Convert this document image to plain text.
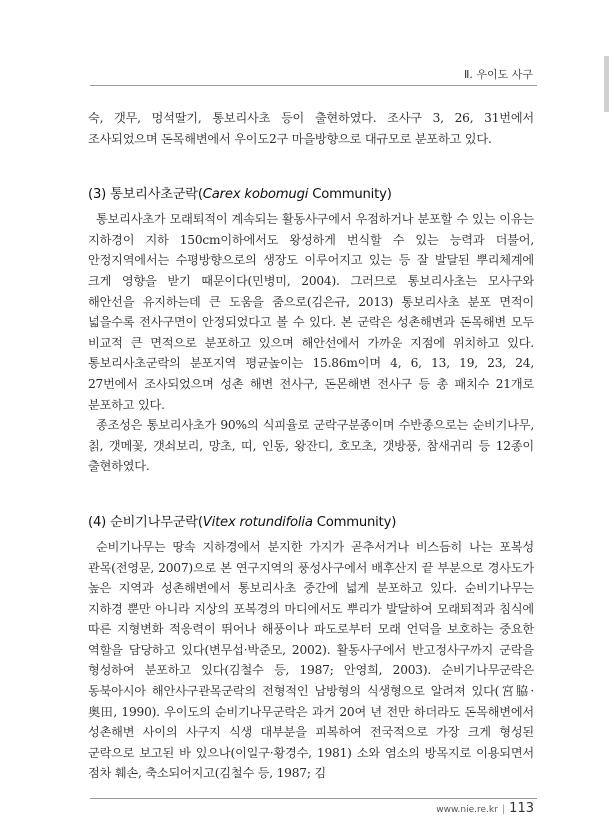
Ⅱ. 우이도 사구

숙, 갯무, 멍석딸기, 통보리사초 등이 출현하였다. 조사구 3, 26, 31번에서 조사되었으며 돈목해변에서 우이도2구 마을방향으로 대규모로 분포하고 있다.

(3) 통보리사초군락(Carex kobomugi Community)

통보리사초가 모래퇴적이 계속되는 활동사구에서 우점하거나 분포할 수 있는 이유는 지하경이 지하 150cm이하에서도 왕성하게 번식할 수 있는 능력과 더불어, 안정지역에서는 수평방향으로의 생장도 이루어지고 있는 등 잘 발달된 뿌리체계에 크게 영향을 받기 때문이다(민병미, 2004). 그러므로 통보리사초는 모사구와 해안선을 유지하는데 큰 도움을 줌으로(김은규, 2013) 통보리사초 분포 면적이 넓을수록 전사구면이 안정되었다고 볼 수 있다. 본 군락은 성촌해변과 돈목해변 모두 비교적 큰 면적으로 분포하고 있으며 해안선에서 가까운 지점에 위치하고 있다. 통보리사초군락의 분포지역 평균높이는 15.86m이며 4, 6, 13, 19, 23, 24, 27번에서 조사되었으며 성촌 해변 전사구, 돈몬해변 전사구 등 총 패치수 21개로 분포하고 있다.

종조성은 통보리사초가 90%의 식피율로 군락구분종이며 수반종으로는 순비기나무, 칡, 갯메꽃, 갯쇠보리, 망초, 띠, 인동, 왕잔디, 호모초, 갯방풍, 참새귀리 등 12종이 출현하였다.

(4) 순비기나무군락(Vitex rotundifolia Community)

순비기나무는 땅속 지하경에서 분지한 가지가 곧추서거나 비스듬히 나는 포복성 관목(전영문, 2007)으로 본 연구지역의 풍성사구에서 배후산지 끝 부분으로 경사도가 높은 지역과 성촌해변에서 통보리사초 중간에 넓게 분포하고 있다. 순비기나무는 지하경 뿐만 아니라 지상의 포복경의 마디에서도 뿌리가 발달하여 모래퇴적과 침식에 따른 지형변화 적응력이 뛰어나 해풍이나 파도로부터 모래 언덕을 보호하는 중요한 역할을 담당하고 있다(변무섭·박준모, 2002). 활동사구에서 반고정사구까지 군락을 형성하여 분포하고 있다(김철수 등, 1987; 안영희, 2003). 순비기나무군락은 동북아시아 해안사구관목군락의 전형적인 남방형의 식생형으로 알려져 있다(宮脇·奥田, 1990). 우이도의 순비기나무군락은 과거 20여 년 전만 하더라도 돈목해변에서 성촌해변 사이의 사구지 식생 대부분을 피복하여 전국적으로 가장 크게 형성된 군락으로 보고된 바 있으나(이일구·황경수, 1981) 소와 염소의 방목지로 이용되면서 점차 훼손, 축소되어지고(김철수 등, 1987; 김

www.nie.re.kr | 113
